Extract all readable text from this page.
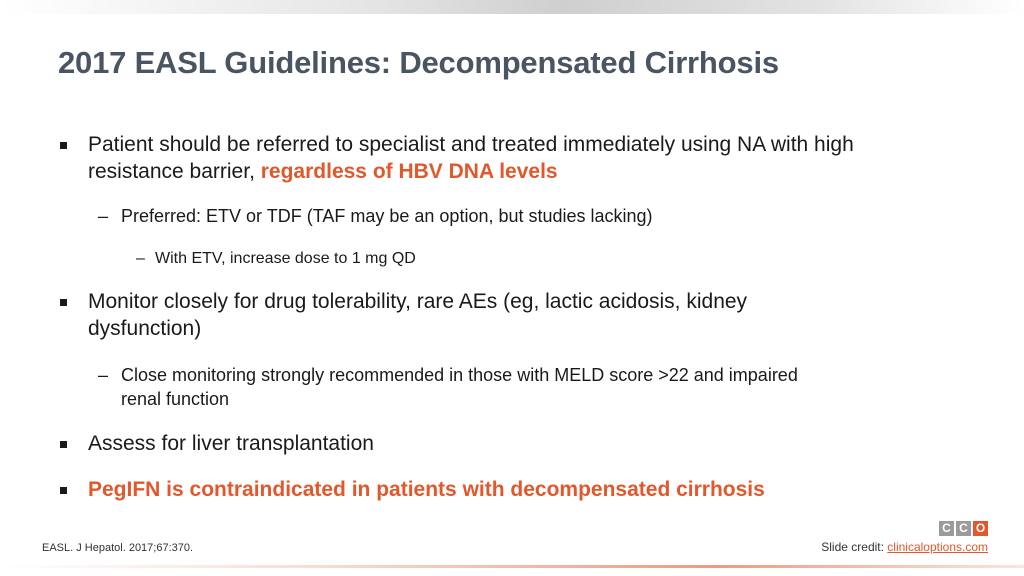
2017 EASL Guidelines: Decompensated Cirrhosis
Patient should be referred to specialist and treated immediately using NA with high
resistance barrier, regardless of HBV DNA levels
– Preferred: ETV or TDF (TAF may be an option, but studies lacking)
– With ETV, increase dose to 1 mg QD
Monitor closely for drug tolerability, rare AEs (eg, lactic acidosis, kidney
dysfunction)
– Close monitoring strongly recommended in those with MELD score >22 and impaired
renal function
Assess for liver transplantation
PegIFN is contraindicated in patients with decompensated cirrhosis
EASL. J Hepatol. 2017;67:370.
C C O
Slide credit: clinicaloptions.com
